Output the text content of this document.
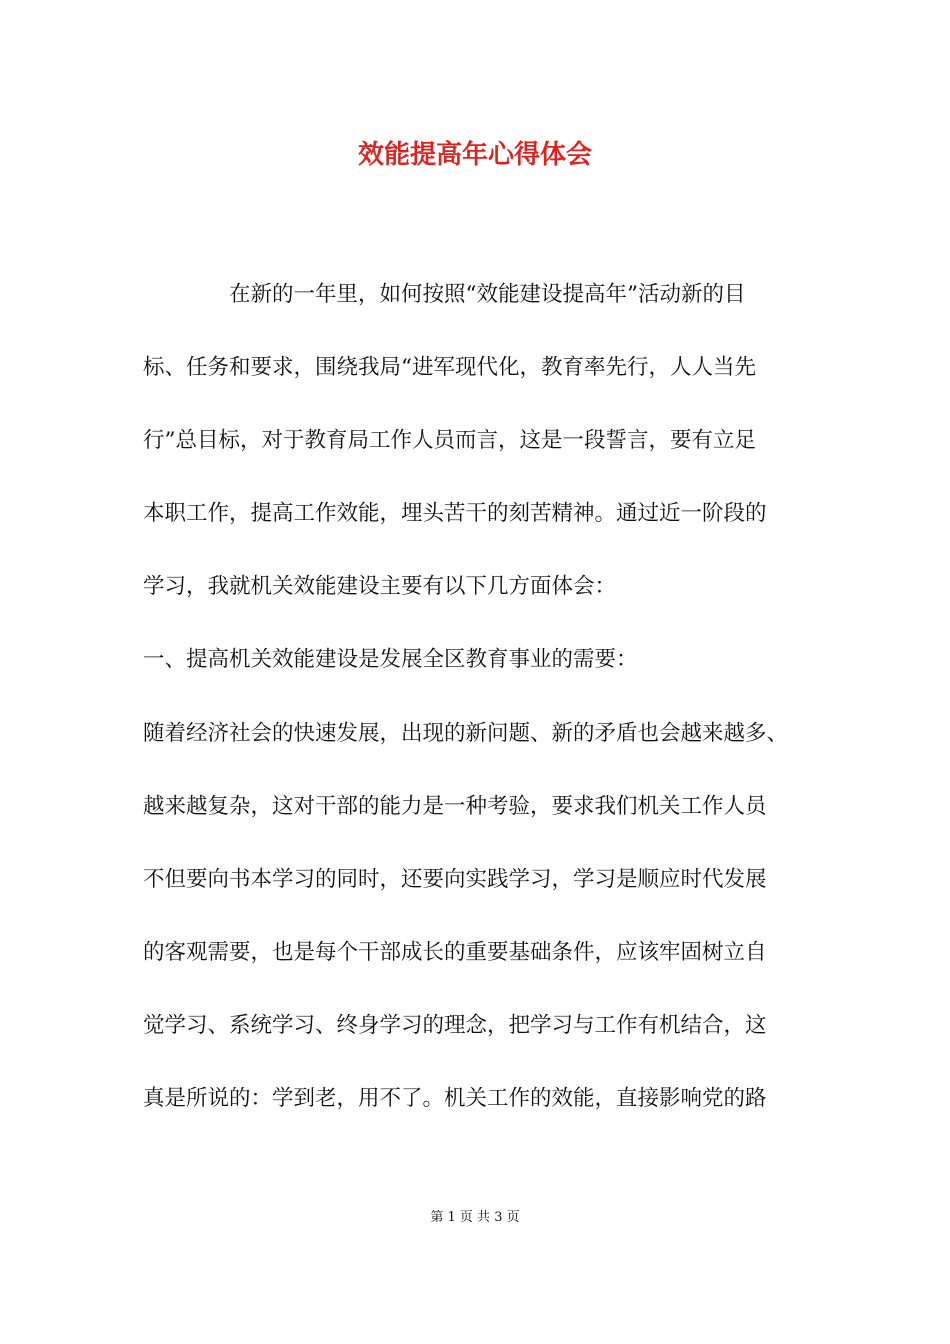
效能提高年心得体会
　　　　在新的一年里，如何按照“效能建设提高年”活动新的目
标、任务和要求，围绕我局“进军现代化，教育率先行，人人当先
行”总目标，对于教育局工作人员而言，这是一段誓言，要有立足
本职工作，提高工作效能，埋头苦干的刻苦精神。通过近一阶段的
学习，我就机关效能建设主要有以下几方面体会：
一、提高机关效能建设是发展全区教育事业的需要：
随着经济社会的快速发展，出现的新问题、新的矛盾也会越来越多、
越来越复杂，这对干部的能力是一种考验，要求我们机关工作人员
不但要向书本学习的同时，还要向实践学习，学习是顺应时代发展
的客观需要，也是每个干部成长的重要基础条件，应该牢固树立自
觉学习、系统学习、终身学习的理念，把学习与工作有机结合，这
真是所说的：学到老，用不了。机关工作的效能，直接影响党的路
第 1 页 共 3 页
